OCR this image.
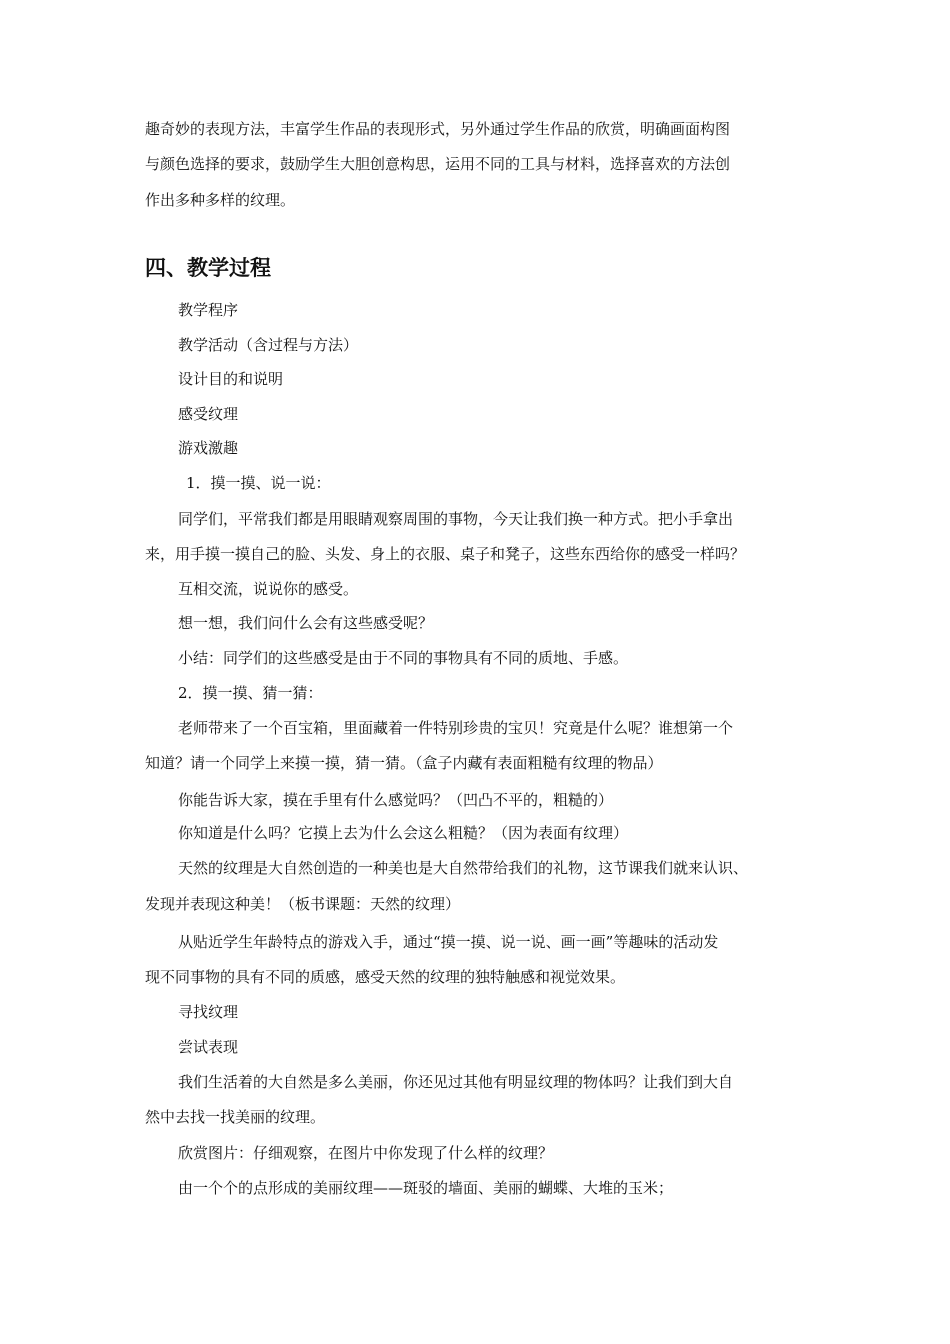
趣奇妙的表现方法，丰富学生作品的表现形式，另外通过学生作品的欣赏，明确画面构图
与颜色选择的要求，鼓励学生大胆创意构思，运用不同的工具与材料，选择喜欢的方法创
作出多种多样的纹理。
四、教学过程
教学程序
教学活动（含过程与方法）
设计目的和说明
感受纹理
游戏激趣
1．摸一摸、说一说：
同学们，平常我们都是用眼睛观察周围的事物，今天让我们换一种方式。把小手拿出
来，用手摸一摸自己的脸、头发、身上的衣服、桌子和凳子，这些东西给你的感受一样吗？
互相交流，说说你的感受。
想一想，我们问什么会有这些感受呢？
小结：同学们的这些感受是由于不同的事物具有不同的质地、手感。
2．摸一摸、猜一猜：
老师带来了一个百宝箱，里面藏着一件特别珍贵的宝贝！究竟是什么呢？谁想第一个
知道？请一个同学上来摸一摸，猜一猜。（盒子内藏有表面粗糙有纹理的物品）
你能告诉大家，摸在手里有什么感觉吗？（凹凸不平的，粗糙的）
你知道是什么吗？它摸上去为什么会这么粗糙？（因为表面有纹理）
天然的纹理是大自然创造的一种美也是大自然带给我们的礼物，这节课我们就来认识、
发现并表现这种美！（板书课题：天然的纹理）
从贴近学生年龄特点的游戏入手，通过“摸一摸、说一说、画一画”等趣味的活动发
现不同事物的具有不同的质感，感受天然的纹理的独特触感和视觉效果。
寻找纹理
尝试表现
我们生活着的大自然是多么美丽，你还见过其他有明显纹理的物体吗？让我们到大自
然中去找一找美丽的纹理。
欣赏图片：仔细观察，在图片中你发现了什么样的纹理？
由一个个的点形成的美丽纹理——斑驳的墙面、美丽的蝴蝶、大堆的玉米；
